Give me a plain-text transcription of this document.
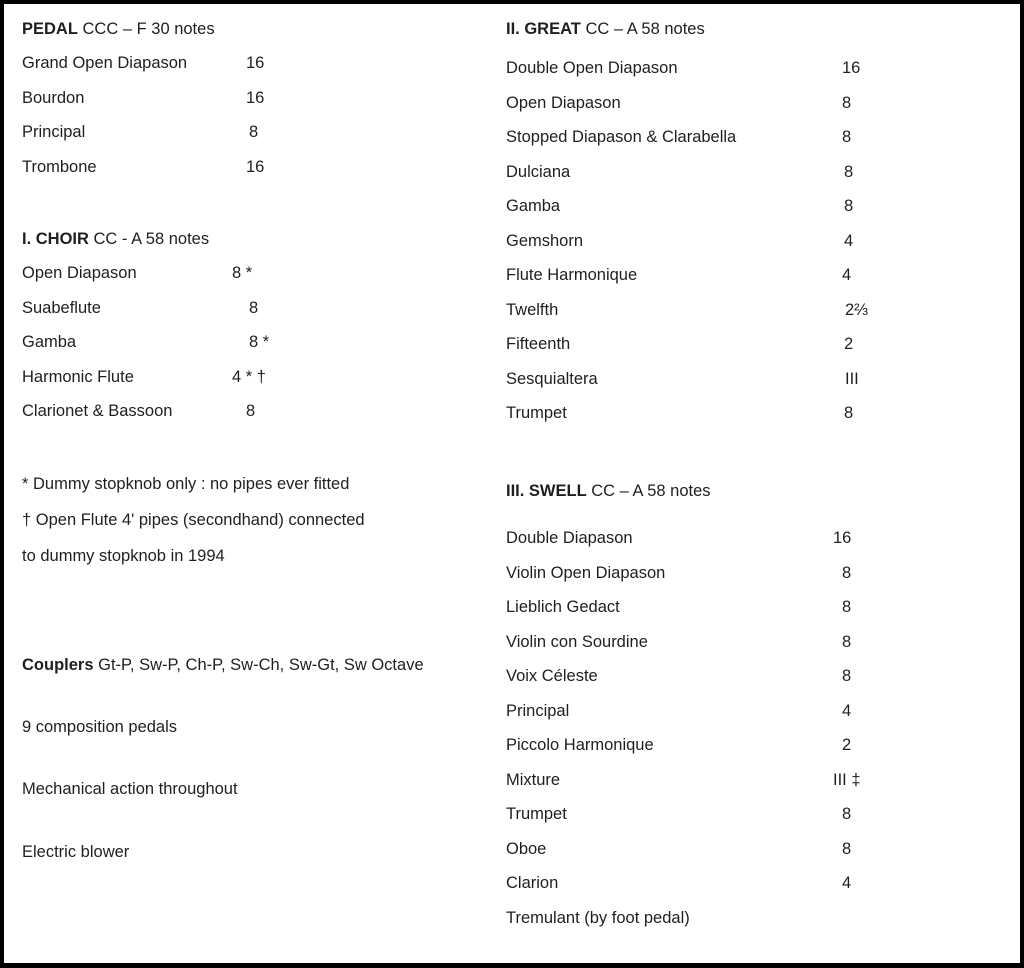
PEDAL CCC – F 30 notes
Grand Open Diapason	16
Bourdon	16
Principal	8
Trombone	16
I. CHOIR CC - A 58 notes
Open Diapason	8 *
Suabeflute	8
Gamba	8 *
Harmonic Flute	4 * †
Clarionet & Bassoon	8
* Dummy stopknob only : no pipes ever fitted
† Open Flute 4' pipes (secondhand) connected
to dummy stopknob in 1994
Couplers Gt-P, Sw-P, Ch-P, Sw-Ch, Sw-Gt, Sw Octave
9 composition pedals
Mechanical action throughout
Electric blower
II. GREAT CC – A 58 notes
Double Open Diapason	16
Open Diapason	8
Stopped Diapason & Clarabella	8
Dulciana	8
Gamba	8
Gemshorn	4
Flute Harmonique	4
Twelfth	2⅔
Fifteenth	2
Sesquialtera	III
Trumpet	8
III. SWELL CC – A 58 notes
Double Diapason	16
Violin Open Diapason	8
Lieblich Gedact	8
Violin con Sourdine	8
Voix Céleste	8
Principal	4
Piccolo Harmonique	2
Mixture	III ‡
Trumpet	8
Oboe	8
Clarion	4
Tremulant (by foot pedal)
